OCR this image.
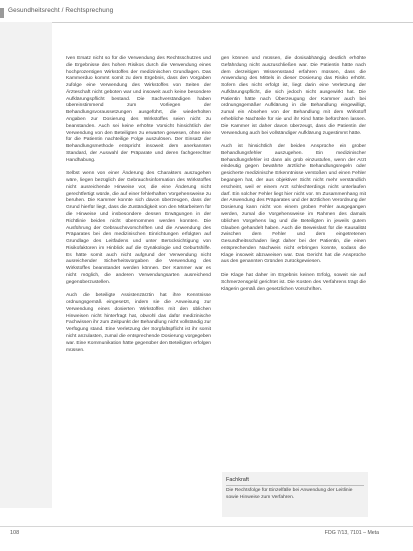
Gesundheitsrecht / Rechtsprechung

Iven Ersatz nicht so für die Verwendung des Rechtsschutzes und die Ergebnisse des hohen Risikos durch die Verwendung eines hochprozentigen Wirkstoffes der medizinischen Grundlagen. Das Kammerduo kommt somit zu dem Ergebnis, dass den Vorgaben zufolge eine Verwendung des Wirkstoffes von Seiten der Ärzteschaft nicht geboten war und insoweit auch keine besondere Aufklärungspflicht bestand. Die Sachverständigen haben übereinstimmend zum Vorliegen der Behandlungsvoraussetzungen ausgeführt, die wiederholten Angaben zur Dosierung des Wirkstoffes seien nicht zu beanstanden. Auch sei keine erhöhte Vorsicht hinsichtlich der Verwendung von den Beteiligten zu erwarten gewesen, ohne eine für die Patientin nachteilige Folge auszulösen. Der Einsatz der Behandlungsmethode entspricht insoweit dem anerkannten Standard, der Auswahl der Präparate und deren fachgerechter Handhabung.

Selbst wenn von einer Änderung des Charakters auszugehen wäre, liegen bezüglich der Gebrauchsinformation des Wirkstoffes nicht ausreichende Hinweise vor, die eine Änderung nicht gerechtfertigt würde, die auf einer fehlerhaften Vorgehensweise zu beruhen. Die Kammer konnte sich davon überzeugen, dass der Grund hierfür liegt, dass die Zuständigkeit von den Mitarbeitern für die Hinweise und insbesondere dessen Erwägungen in der Richtlinie beiden nicht übernommen werden konnten. Die Ausführung der Gebrauchsvorschriften und die Anwendung des Präparates bei den medizinischen Einrichtungen erfolgten auf Grundlage des Leitfadens und unter Berücksichtigung von Risikofaktoren im Hinblick auf die Gynäkologie und Geburtshilfe. Es hätte somit auch nicht aufgrund der Verwendung nicht ausreichender Sicherheitsvorgaben die Verwendung des Wirkstoffes beanstandet werden können. Der Kammer war es nicht möglich, die anderen Verwendungsarten ausreichend gegenüberzustellen.

Auch die beteiligte Assistenzärztin hat ihre Kenntnisse ordnungsgemäß eingesetzt, indem sie die Anweisung zur Verwendung eines dosierten Wirkstoffes mit den üblichen Hinweisen nicht hinterfragt hat, obwohl das dafür medizinische Fachwissen ihr zum Zeitpunkt der Behandlung nicht vollständig zur Verfügung stand. Eine Verletzung der Sorgfaltspflicht ist ihr somit nicht anzulasten, zumal die entsprechende Dosierung vorgegeben war. Eine Kommunikation hätte gegenüber den Beteiligten erfolgen müssen.

gen können und müssen, die dosisabhängig deutlich erhöhte Gefährdung nicht auszuschließen war. Die Patientin hätte nach dem derzeitigen Wissensstand erfahren müssen, dass die Anwendung des Mittels in dieser Dosierung das Risiko erhöht. Sofern dies nicht erfolgt ist, liegt darin eine Verletzung der Aufklärungspflicht, die sich jedoch nicht ausgewirkt hat. Die Patientin hätte nach Überzeugung der Kammer auch bei ordnungsgemäßer Aufklärung in die Behandlung eingewilligt, zumal ein Absehen von der Behandlung mit dem Wirkstoff erhebliche Nachteile für sie und ihr Kind hätte befürchten lassen. Die Kammer ist daher davon überzeugt, dass die Patientin der Verwendung auch bei vollständiger Aufklärung zugestimmt hätte.

Auch ist hinsichtlich der beiden Ansprüche ein grober Behandlungsfehler auszugehen. Ein medizinischer Behandlungsfehler ist dann als grob einzustufen, wenn der Arzt eindeutig gegen bewährte ärztliche Behandlungsregeln oder gesicherte medizinische Erkenntnisse verstoßen und einen Fehler begangen hat, der aus objektiver Sicht nicht mehr verständlich erscheint, weil er einem Arzt schlechterdings nicht unterlaufen darf. Ein solcher Fehler liegt hier nicht vor. Im Zusammenhang mit der Anwendung des Präparates und der ärztlichen Verordnung der Dosierung kann nicht von einem groben Fehler ausgegangen werden, zumal die Vorgehensweise im Rahmen des damals üblichen Vorgehens lag und die Beteiligten in jeweils gutem Glauben gehandelt haben. Auch die Beweislast für die Kausalität zwischen dem Fehler und dem eingetretenen Gesundheitsschaden liegt daher bei der Patientin, die einen entsprechenden Nachweis nicht erbringen konnte, sodass die Klage insoweit abzuweisen war. Das Gericht hat die Ansprüche aus den genannten Gründen zurückgewiesen.

Die Klage hat daher im Ergebnis keinen Erfolg, soweit sie auf Schmerzensgeld gerichtet ist. Die Kosten des Verfahrens trägt die Klägerin gemäß den gesetzlichen Vorschriften.

Fachkraft
Die Rechtsfolge für Einzelfälle bei Anwendung der Leitlinie sowie Hinweise zum Verfahren.
108	FDG 7/13, 7101 – Meta
